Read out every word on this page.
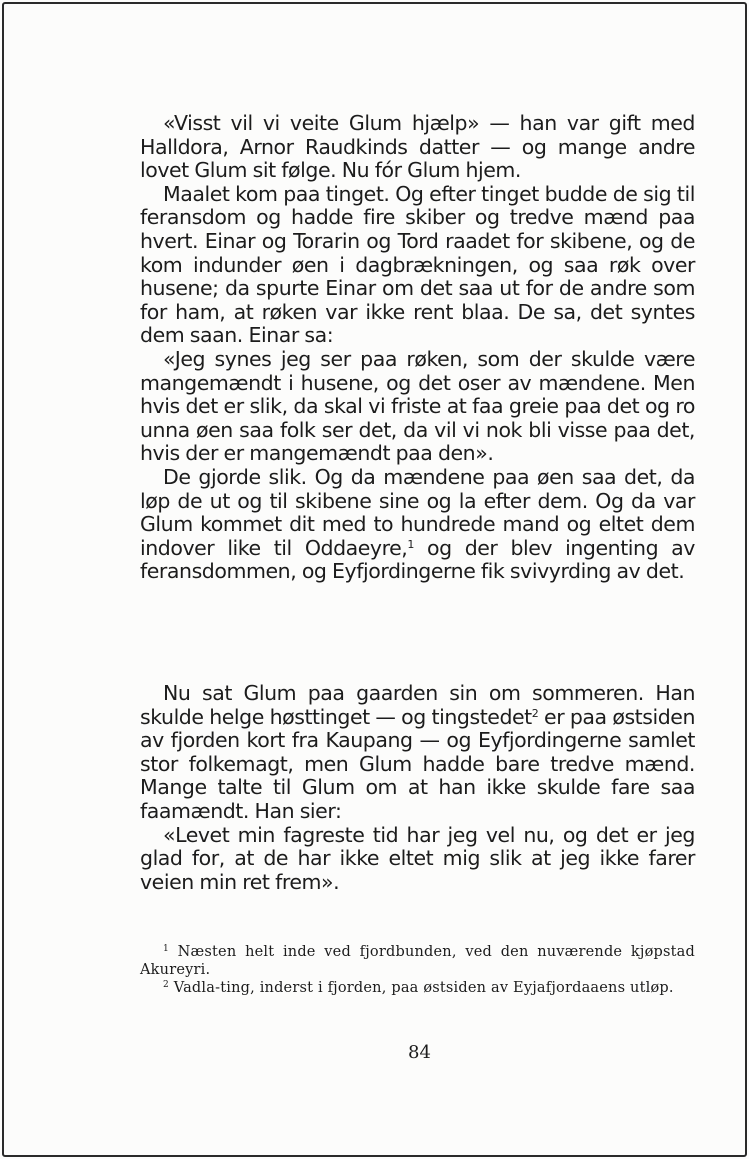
«Visst vil vi veite Glum hjælp» — han var gift med Halldora, Arnor Raudkinds datter — og mange andre lovet Glum sit følge. Nu fór Glum hjem.

Maalet kom paa tinget. Og efter tinget budde de sig til feransdom og hadde fire skiber og tredve mænd paa hvert. Einar og Torarin og Tord raadet for skibene, og de kom indunder øen i dagbrækningen, og saa røk over husene; da spurte Einar om det saa ut for de andre som for ham, at røken var ikke rent blaa. De sa, det syntes dem saan. Einar sa:

«Jeg synes jeg ser paa røken, som der skulde være mangemændt i husene, og det oser av mændene. Men hvis det er slik, da skal vi friste at faa greie paa det og ro unna øen saa folk ser det, da vil vi nok bli visse paa det, hvis der er mangemændt paa den».

De gjorde slik. Og da mændene paa øen saa det, da løp de ut og til skibene sine og la efter dem. Og da var Glum kommet dit med to hundrede mand og eltet dem indover like til Oddaeyre,$^1$ og der blev ingenting av feransdommen, og Eyfjordingerne fik svivyrding av det.

Nu sat Glum paa gaarden sin om sommeren. Han skulde helge høsttinget — og tingstedet$^2$ er paa østsiden av fjorden kort fra Kaupang — og Eyfjordingerne samlet stor folkemagt, men Glum hadde bare tredve mænd. Mange talte til Glum om at han ikke skulde fare saa faamændt. Han sier:

«Levet min fagreste tid har jeg vel nu, og det er jeg glad for, at de har ikke eltet mig slik at jeg ikke farer veien min ret frem».

$^1$ Næsten helt inde ved fjordbunden, ved den nuværende kjøpstad Akureyri.

$^2$ Vadla-ting, inderst i fjorden, paa østsiden av Eyjafjordaaens utløp.

84
